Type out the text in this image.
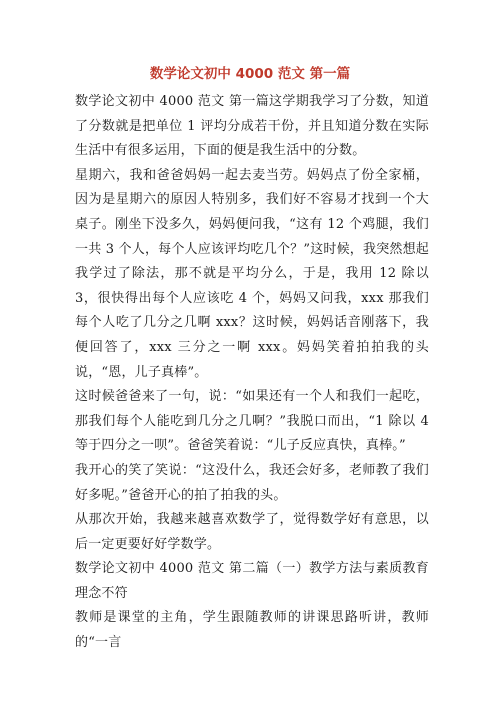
数学论文初中 4000 范文 第一篇

数学论文初中 4000 范文 第一篇这学期我学习了分数，知道了分数就是把单位 1 评均分成若干份，并且知道分数在实际生活中有很多运用，下面的便是我生活中的分数。

星期六，我和爸爸妈妈一起去麦当劳。妈妈点了份全家桶，因为是星期六的原因人特别多，我们好不容易才找到一个大桌子。刚坐下没多久，妈妈便问我，“这有 12 个鸡腿，我们一共 3 个人，每个人应该评均吃几个？”这时候，我突然想起我学过了除法，那不就是平均分么，于是，我用 12 除以 3，很快得出每个人应该吃 4 个，妈妈又问我，xxx 那我们每个人吃了几分之几啊 xxx？这时候，妈妈话音刚落下，我便回答了，xxx 三分之一啊 xxx。妈妈笑着拍拍我的头说，“恩，儿子真棒”。

这时候爸爸来了一句，说：“如果还有一个人和我们一起吃，那我们每个人能吃到几分之几啊？”我脱口而出，“1 除以 4 等于四分之一呗”。爸爸笑着说：“儿子反应真快，真棒。”

我开心的笑了笑说：“这没什么，我还会好多，老师教了我们好多呢。”爸爸开心的拍了拍我的头。

从那次开始，我越来越喜欢数学了，觉得数学好有意思，以后一定更要好好学数学。

数学论文初中 4000 范文 第二篇（一）教学方法与素质教育理念不符

教师是课堂的主角，学生跟随教师的讲课思路听讲，教师的“一言
